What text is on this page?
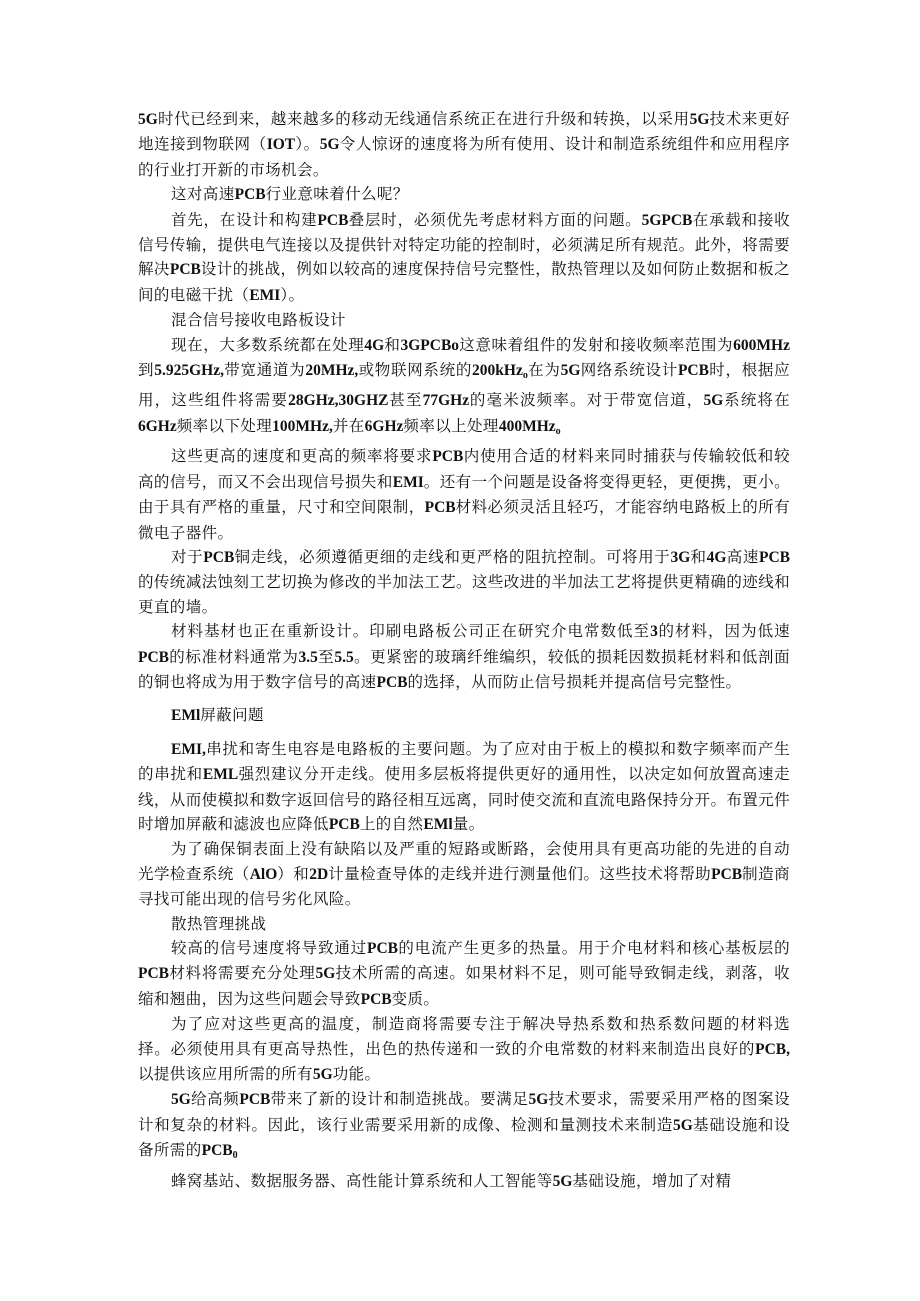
5G时代已经到来，越来越多的移动无线通信系统正在进行升级和转换，以采用5G技术来更好地连接到物联网（IOT）。5G令人惊讶的速度将为所有使用、设计和制造系统组件和应用程序的行业打开新的市场机会。

这对高速PCB行业意味着什么呢？

首先，在设计和构建PCB叠层时，必须优先考虑材料方面的问题。5GPCB在承载和接收信号传输，提供电气连接以及提供针对特定功能的控制时，必须满足所有规范。此外，将需要解决PCB设计的挑战，例如以较高的速度保持信号完整性，散热管理以及如何防止数据和板之间的电磁干扰（EMI）。

混合信号接收电路板设计

现在，大多数系统都在处理4G和3GPCBo这意味着组件的发射和接收频率范围为600MHz到5.925GHz,带宽通道为20MHz,或物联网系统的200kHzo在为5G网络系统设计PCB时，根据应用，这些组件将需要28GHz,30GHZ甚至77GHz的毫米波频率。对于带宽信道，5G系统将在6GHz频率以下处理100MHz,并在6GHz频率以上处理400MHzo

这些更高的速度和更高的频率将要求PCB内使用合适的材料来同时捕获与传输较低和较高的信号，而又不会出现信号损失和EMI。还有一个问题是设备将变得更轻，更便携，更小。由于具有严格的重量，尺寸和空间限制，PCB材料必须灵活且轻巧，才能容纳电路板上的所有微电子器件。

对于PCB铜走线，必须遵循更细的走线和更严格的阻抗控制。可将用于3G和4G高速PCB的传统减法蚀刻工艺切换为修改的半加法工艺。这些改进的半加法工艺将提供更精确的迹线和更直的墙。

材料基材也正在重新设计。印刷电路板公司正在研究介电常数低至3的材料，因为低速PCB的标准材料通常为3.5至5.5。更紧密的玻璃纤维编织，较低的损耗因数损耗材料和低剖面的铜也将成为用于数字信号的高速PCB的选择，从而防止信号损耗并提高信号完整性。

EMl屏蔽问题

EMI,串扰和寄生电容是电路板的主要问题。为了应对由于板上的模拟和数字频率而产生的串扰和EML强烈建议分开走线。使用多层板将提供更好的通用性，以决定如何放置高速走线，从而使模拟和数字返回信号的路径相互远离，同时使交流和直流电路保持分开。布置元件时增加屏蔽和滤波也应降低PCB上的自然EMl量。

为了确保铜表面上没有缺陷以及严重的短路或断路，会使用具有更高功能的先进的自动光学检查系统（AlO）和2D计量检查导体的走线并进行测量他们。这些技术将帮助PCB制造商寻找可能出现的信号劣化风险。

散热管理挑战

较高的信号速度将导致通过PCB的电流产生更多的热量。用于介电材料和核心基板层的PCB材料将需要充分处理5G技术所需的高速。如果材料不足，则可能导致铜走线，剥落，收缩和翘曲，因为这些问题会导致PCB变质。

为了应对这些更高的温度，制造商将需要专注于解决导热系数和热系数问题的材料选择。必须使用具有更高导热性，出色的热传递和一致的介电常数的材料来制造出良好的PCB,以提供该应用所需的所有5G功能。

5G给高频PCB带来了新的设计和制造挑战。要满足5G技术要求，需要采用严格的图案设计和复杂的材料。因此，该行业需要采用新的成像、检测和量测技术来制造5G基础设施和设备所需的PCB0

蜂窝基站、数据服务器、高性能计算系统和人工智能等5G基础设施，增加了对精
